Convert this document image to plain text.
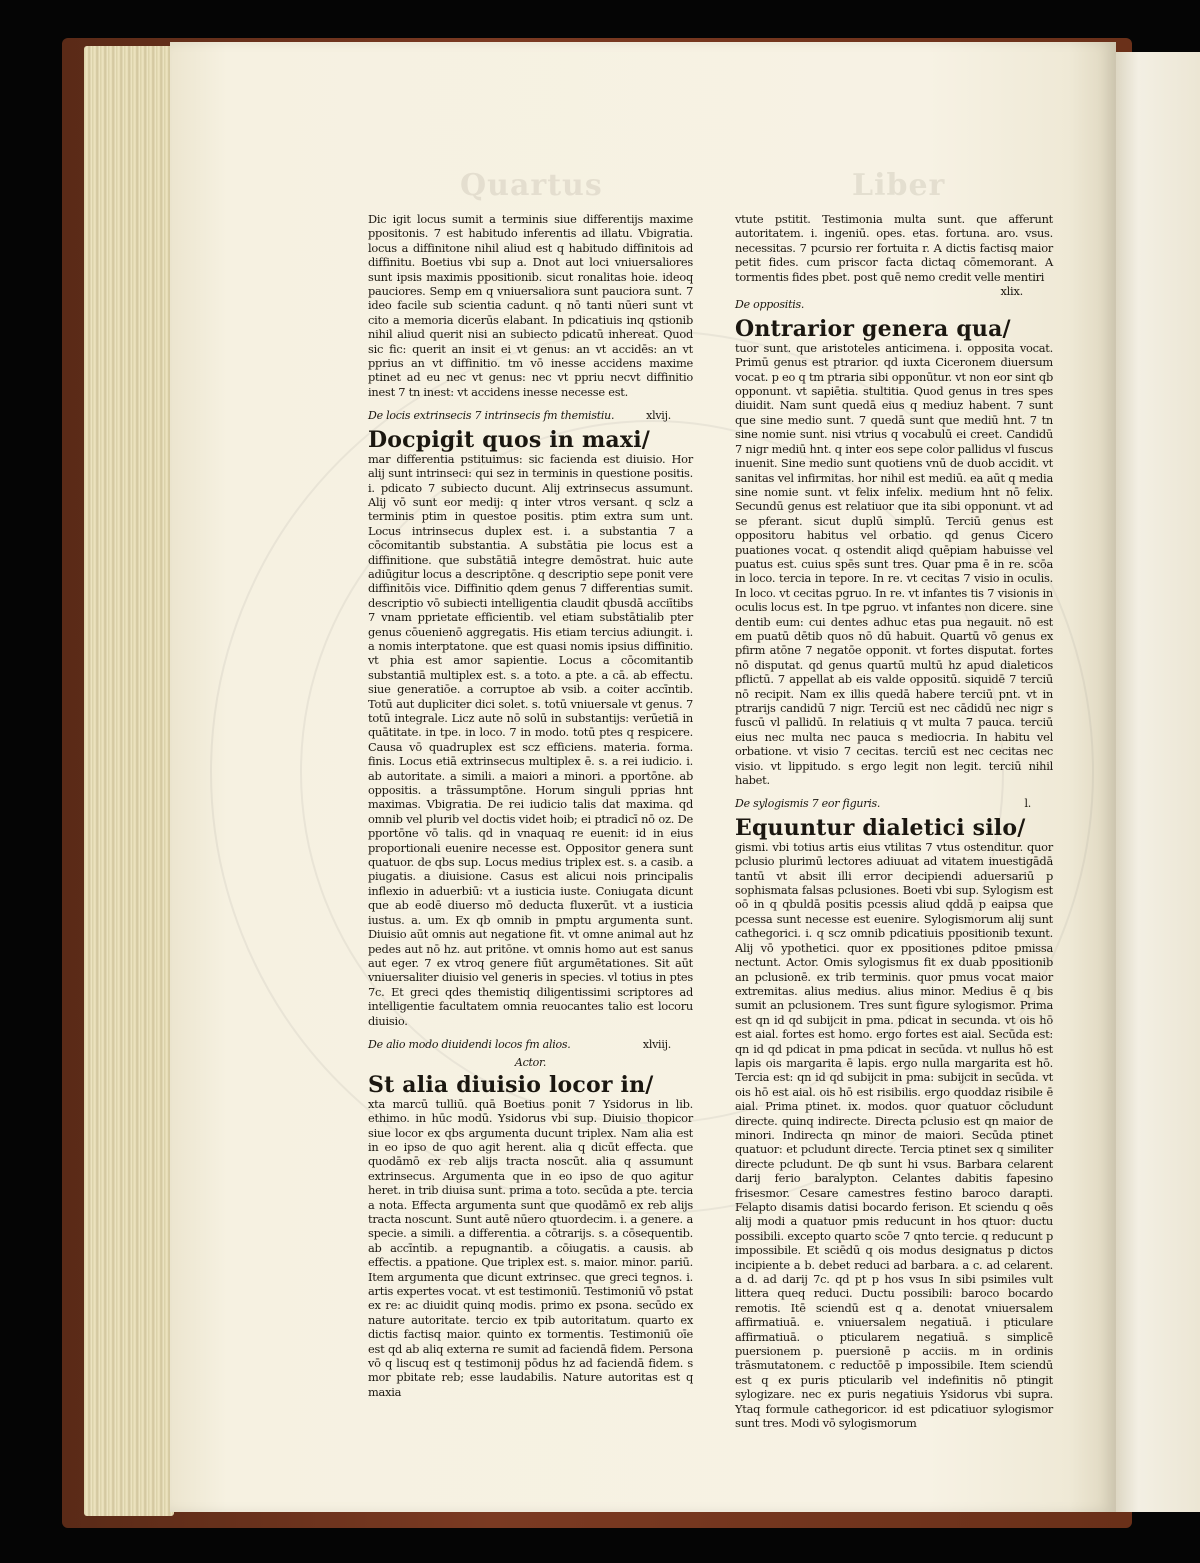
Quartus	Liber

Dic igit locus sumit a terminis siue differentijs maxime ppositonis. 7 est habitudo inferentis ad illatu. Vbigratia. locus a diffinitone nihil aliud est q habitudo diffinitois ad diffinitu. Boetius vbi sup a. Dnot aut loci vniuersaliores sunt ipsis maximis ppositionib. sicut ronalitas hoie. ideoq pauciores. Semp em q vniuersaliora sunt pauciora sunt. 7 ideo facile sub scientia cadunt. q nō tanti nūeri sunt vt cito a memoria dicerūs elabant. In pdicatiuis inq qstionib nihil aliud querit nisi an subiecto pdicatū inhereat. Quod sic fic: querit an insit ei vt genus: an vt accidēs: an vt pprius an vt diffinitio. tm vō inesse accidens maxime ptinet ad eu nec vt genus: nec vt ppriu necvt diffinitio inest 7 tn inest: vt accidens inesse necesse est.

De locis extrinsecis 7 intrinsecis fm themistiu.	xlvij.
Docpigit quos in maxi/

mar differentia pstituimus: sic facienda est diuisio. Hor alij sunt intrinseci: qui sez in terminis in questione positis. i. pdicato 7 subiecto ducunt. Alij extrinsecus assumunt. Alij vō sunt eor medij: q inter vtros versant. q sclz a terminis ptim in questoe positis. ptim extra sum unt. Locus intrinsecus duplex est. i. a substantia 7 a cōcomitantib substantia. A substātia pie locus est a diffinitione. que substātiā integre demōstrat. huic aute adiūgitur locus a descriptōne. q descriptio sepe ponit vere diffinitōis vice. Diffinitio qdem genus 7 differentias sumit. descriptio vō subiecti intelligentia claudit qbusdā acciītibs 7 vnam pprietate efficientib. vel etiam substātialib pter genus cōuenienō aggregatis. His etiam tercius adiungit. i. a nomis interptatone. que est quasi nomis ipsius diffinitio. vt phia est amor sapientie. Locus a cōcomitantib substantiā multiplex est. s. a toto. a pte. a cā. ab effectu. siue generatiōe. a corruptoe ab vsib. a coiter accīntib. Totū aut dupliciter dici solet. s. totū vniuersale vt genus. 7 totū integrale. Licz aute nō solū in substantijs: verūetiā in quātitate. in tpe. in loco. 7 in modo. totū ptes q respicere. Causa vō quadruplex est scz efficiens. materia. forma. finis. Locus etiā extrinsecus multiplex ē. s. a rei iudicio. i. ab autoritate. a simili. a maiori a minori. a pportōne. ab oppositis. a trāssumptōne. Horum singuli pprias hnt maximas. Vbigratia. De rei iudicio talis dat maxima. qd omnib vel plurib vel doctis videt hoib; ei ptradicī nō oz. De pportōne vō talis. qd in vnaquaq re euenit: id in eius proportionali euenire necesse est. Oppositor genera sunt quatuor. de qbs sup. Locus medius triplex est. s. a casib. a piugatis. a diuisione. Casus est alicui nois principalis inflexio in aduerbiū: vt a iusticia iuste. Coniugata dicunt que ab eodē diuerso mō deducta fluxerūt. vt a iusticia iustus. a. um. Ex qb omnib in pmptu argumenta sunt. Diuisio aūt omnis aut negatione fit. vt omne animal aut hz pedes aut nō hz. aut pritōne. vt omnis homo aut est sanus aut eger. 7 ex vtroq genere fiūt argumētationes. Sit aūt vniuersaliter diuisio vel generis in species. vl totius in ptes 7c. Et greci qdes themistiq diligentissimi scriptores ad intelligentie facultatem omnia reuocantes talio est locoru diuisio.

De alio modo diuidendi locos fm alios.	xlviij.
Actor.
St alia diuisio locor in/

xta marcū tulliū. quā Boetius ponit 7 Ysidorus in lib. ethimo. in hūc modū. Ysidorus vbi sup. Diuisio thopicor siue locor ex qbs argumenta ducunt triplex. Nam alia est in eo ipso de quo agit herent. alia q dicūt effecta. que quodāmō ex reb alijs tracta noscūt. alia q assumunt extrinsecus. Argumenta que in eo ipso de quo agitur heret. in trib diuisa sunt. prima a toto. secūda a pte. tercia a nota. Effecta argumenta sunt que quodāmō ex reb alijs tracta noscunt. Sunt autē nūero qtuordecim. i. a genere. a specie. a simili. a differentia. a cōtrarijs. s. a cōsequentib. ab accīntib. a repugnantib. a cōiugatis. a causis. ab effectis. a ppatione. Que triplex est. s. maior. minor. pariū. Item argumenta que dicunt extrinsec. que greci tegnos. i. artis expertes vocat. vt est testimoniū. Testimoniū vō pstat ex re: ac diuidit quinq modis. primo ex psona. secūdo ex nature autoritate. tercio ex tpib autoritatum. quarto ex dictis factisq maior. quinto ex tormentis. Testimoniū oīe est qd ab aliq externa re sumit ad faciendā fidem. Persona vō q liscuq est q testimonij pōdus hz ad faciendā fidem. s mor pbitate reb; esse laudabilis. Nature autoritas est q maxia

vtute pstitit. Testimonia multa sunt. que afferunt autoritatem. i. ingeniū. opes. etas. fortuna. aro. vsus. necessitas. 7 pcursio rer fortuita r. A dictis factisq maior petit fides. cum priscor facta dictaq cōmemorant. A tormentis fides pbet. post quē nemo credit velle mentiri

xlix.
De oppositis.
Ontrarior genera qua/

tuor sunt. que aristoteles anticimena. i. opposita vocat. Primū genus est ptrarior. qd iuxta Ciceronem diuersum vocat. p eo q tm ptraria sibi opponūtur. vt non eor sint qb opponunt. vt sapiētia. stultitia. Quod genus in tres spes diuidit. Nam sunt quedā eius q mediuz habent. 7 sunt que sine medio sunt. 7 quedā sunt que mediū hnt. 7 tn sine nomie sunt. nisi vtrius q vocabulū ei creet. Candidū 7 nigr mediū hnt. q inter eos sepe color pallidus vl fuscus inuenit. Sine medio sunt quotiens vnū de duob accidit. vt sanitas vel infirmitas. hor nihil est mediū. ea aūt q media sine nomie sunt. vt felix infelix. medium hnt nō felix. Secundū genus est relatiuor que ita sibi opponunt. vt ad se pferant. sicut duplū simplū. Terciū genus est oppositoru habitus vel orbatio. qd genus Cicero puationes vocat. q ostendit aliqd quēpiam habuisse vel puatus est. cuius spēs sunt tres. Quar pma ē in re. scōa in loco. tercia in tepore. In re. vt cecitas 7 visio in oculis. In loco. vt cecitas pgruo. In re. vt infantes tis 7 visionis in oculis locus est. In tpe pgruo. vt infantes non dicere. sine dentib eum: cui dentes adhuc etas pua negauit. nō est em puatū dētib quos nō dū habuit. Quartū vō genus ex pfirm atōne 7 negatōe opponit. vt fortes disputat. fortes nō disputat. qd genus quartū multū hz apud dialeticos pflictū. 7 appellat ab eis valde oppositū. siquidē 7 terciū nō recipit. Nam ex illis quedā habere terciū pnt. vt in ptrarijs candidū 7 nigr. Terciū est nec cādidū nec nigr s fuscū vl pallidū. In relatiuis q vt multa 7 pauca. terciū eius nec multa nec pauca s mediocria. In habitu vel orbatione. vt visio 7 cecitas. terciū est nec cecitas nec visio. vt lippitudo. s ergo legit non legit. terciū nihil habet.

De sylogismis 7 eor figuris.	l.
Equuntur dialetici silo/

gismi. vbi totius artis eius vtilitas 7 vtus ostenditur. quor pclusio plurimū lectores adiuuat ad vitatem inuestigādā tantū vt absit illi error decipiendi aduersariū p sophismata falsas pclusiones. Boeti vbi sup. Sylogism est oō in q qbuldā positis pcessis aliud qddā p eaipsa que pcessa sunt necesse est euenire. Sylogismorum alij sunt cathegorici. i. q scz omnib pdicatiuis ppositionib texunt. Alij vō ypothetici. quor ex ppositiones pditoe pmissa nectunt. Actor. Omis sylogismus fit ex duab ppositionib an pclusionē. ex trib terminis. quor pmus vocat maior extremitas. alius medius. alius minor. Medius ē q bis sumit an pclusionem. Tres sunt figure sylogismor. Prima est qn id qd subijcit in pma. pdicat in secunda. vt ois hō est aial. fortes est homo. ergo fortes est aial. Secūda est: qn id qd pdicat in pma pdicat in secūda. vt nullus hō est lapis ois margarita ē lapis. ergo nulla margarita est hō. Tercia est: qn id qd subijcit in pma: subijcit in secūda. vt ois hō est aial. ois hō est risibilis. ergo quoddaz risibile ē aial. Prima ptinet. ix. modos. quor quatuor cōcludunt directe. quinq indirecte. Directa pclusio est qn maior de minori. Indirecta qn minor de maiori. Secūda ptinet quatuor: et pcludunt directe. Tercia ptinet sex q similiter directe pcludunt. De qb sunt hi vsus. Barbara celarent darij ferio baralypton. Celantes dabitis fapesino frisesmor. Cesare camestres festino baroco darapti. Felapto disamis datisi bocardo ferison. Et sciendu q oēs alij modi a quatuor pmis reducunt in hos qtuor: ductu possibili. excepto quarto scōe 7 qnto tercie. q reducunt p impossibile. Et sciēdū q ois modus designatus p dictos incipiente a b. debet reduci ad barbara. a c. ad celarent. a d. ad darij 7c. qd pt p hos vsus In sibi psimiles vult littera queq reduci. Ductu possibili: baroco bocardo remotis. Itē sciendū est q a. denotat vniuersalem affirmatiuā. e. vniuersalem negatiuā. i pticulare affirmatiuā. o pticularem negatiuā. s simplicē puersionem p. puersionē p acciis. m in ordinis trāsmutatonem. c reductōē p impossibile. Item sciendū est q ex puris pticularib vel indefinitis nō ptingit sylogizare. nec ex puris negatiuis Ysidorus vbi supra. Ytaq formule cathegoricor. id est pdicatiuor sylogismor sunt tres. Modi vō sylogismorum
